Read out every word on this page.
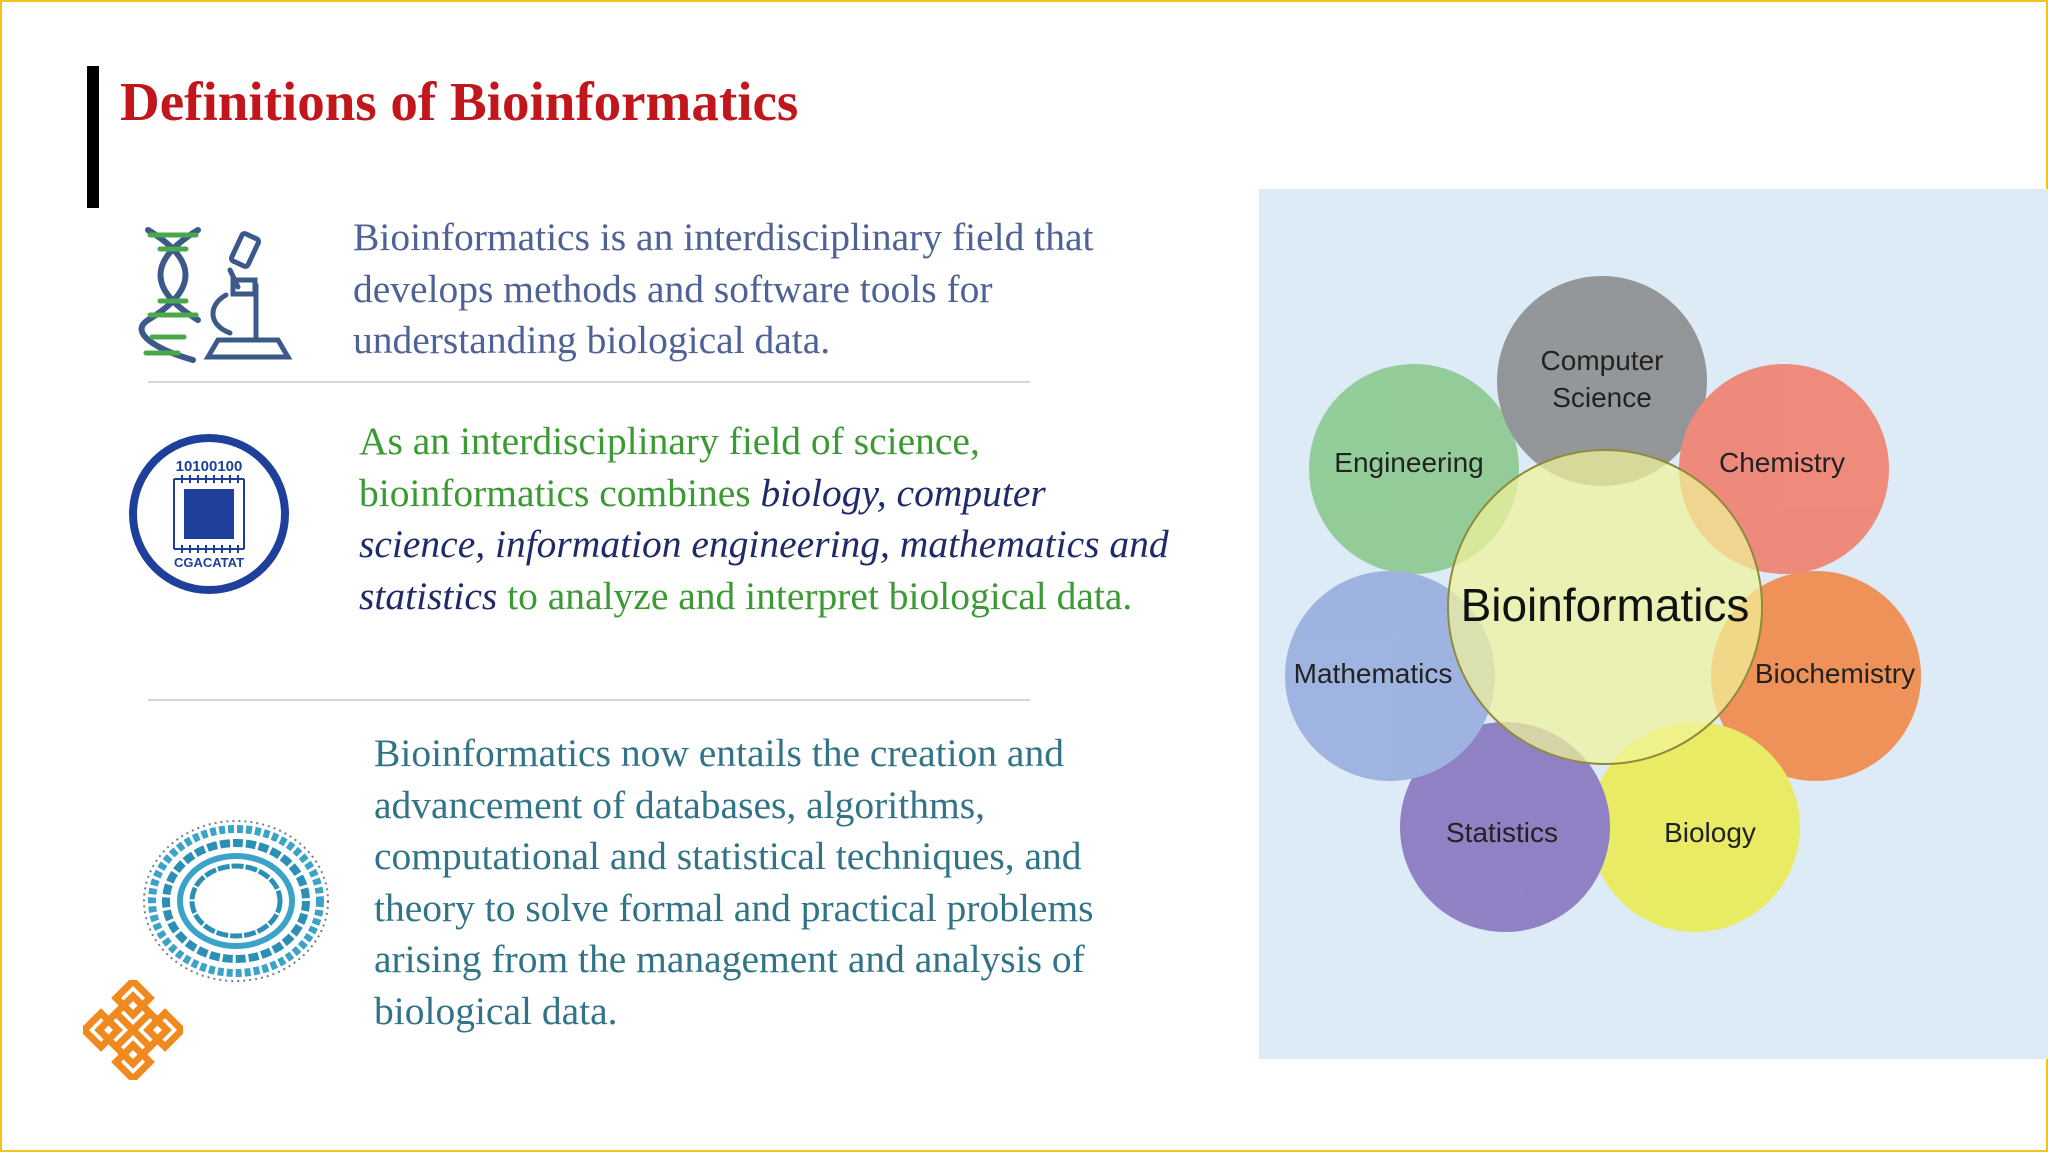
Definitions of Bioinformatics
Bioinformatics is an interdisciplinary field that
develops methods and software tools for
understanding biological data.
10100100
CGACATAT
As an interdisciplinary field of science,
bioinformatics combines biology, computer
science, information engineering, mathematics and
statistics to analyze and interpret biological data.
Bioinformatics now entails the creation and
advancement of databases, algorithms,
computational and statistical techniques, and
theory to solve formal and practical problems
arising from the management and analysis of
biological data.
Computer
Science
Engineering	Chemistry
Mathematics	Biochemistry
Statistics	Biology
Bioinformatics
